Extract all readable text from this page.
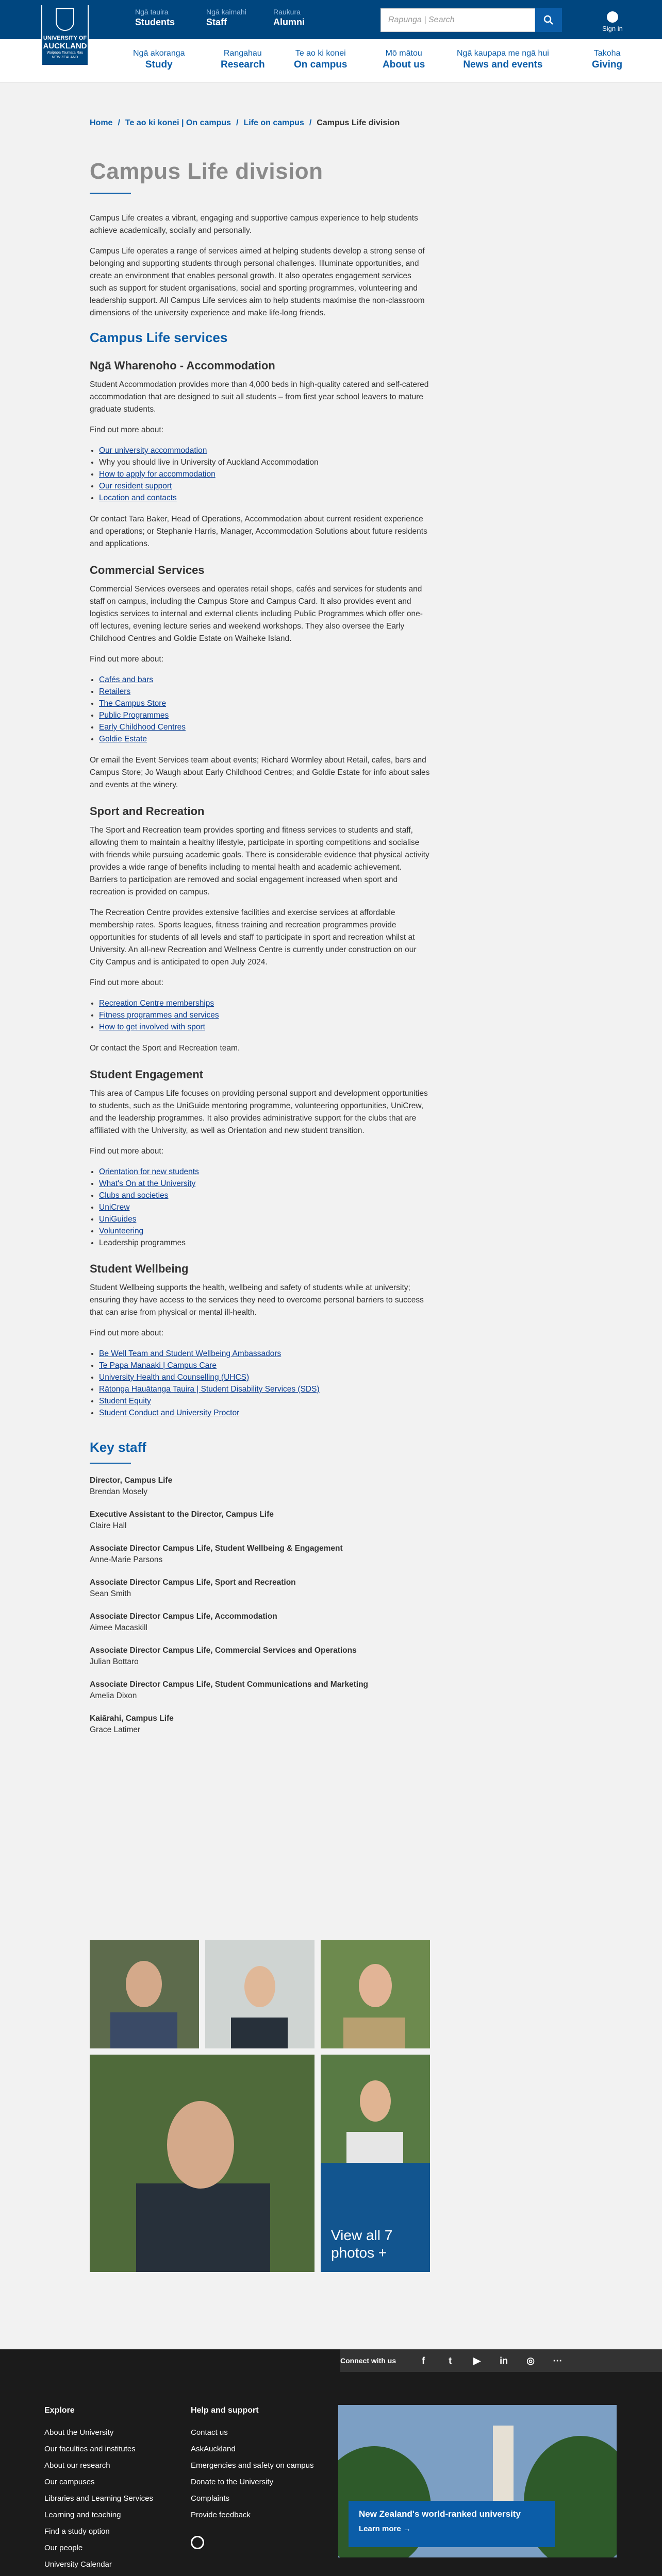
Ngā tauira
Students
Ngā kaimahi
Staff
Raukura
Alumni	Rapunga | Search
Sign in
UNIVERSITY OF
AUCKLAND
Waipapa Taumata Rau
NEW ZEALAND	Ngā akoranga
Study
Rangahau
Research
Te ao ki konei
On campus
Mō mātou
About us
Ngā kaupapa me ngā hui
News and events
Takoha
Giving
Home / Te ao ki konei | On campus / Life on campus / Campus Life division
Campus Life division

Campus Life creates a vibrant, engaging and supportive campus experience to help students achieve academically, socially and personally.

Campus Life operates a range of services aimed at helping students develop a strong sense of belonging and supporting students through personal challenges. Illuminate opportunities, and create an environment that enables personal growth. It also operates engagement services such as support for student organisations, social and sporting programmes, volunteering and leadership support. All Campus Life services aim to help students maximise the non-classroom dimensions of the university experience and make life-long friends.

Campus Life services
Ngā Wharenoho - Accommodation

Student Accommodation provides more than 4,000 beds in high-quality catered and self-catered accommodation that are designed to suit all students – from first year school leavers to mature graduate students.

Find out more about:

• Our university accommodation
• Why you should live in University of Auckland Accommodation
• How to apply for accommodation
• Our resident support
• Location and contacts

Or contact Tara Baker, Head of Operations, Accommodation about current resident experience and operations; or Stephanie Harris, Manager, Accommodation Solutions about future residents and applications.

Commercial Services

Commercial Services oversees and operates retail shops, cafés and services for students and staff on campus, including the Campus Store and Campus Card. It also provides event and logistics services to internal and external clients including Public Programmes which offer one-off lectures, evening lecture series and weekend workshops. They also oversee the Early Childhood Centres and Goldie Estate on Waiheke Island.

Find out more about:

• Cafés and bars
• Retailers
• The Campus Store
• Public Programmes
• Early Childhood Centres
• Goldie Estate

Or email the Event Services team about events; Richard Wormley about Retail, cafes, bars and Campus Store; Jo Waugh about Early Childhood Centres; and Goldie Estate for info about sales and events at the winery.

Sport and Recreation

The Sport and Recreation team provides sporting and fitness services to students and staff, allowing them to maintain a healthy lifestyle, participate in sporting competitions and socialise with friends while pursuing academic goals. There is considerable evidence that physical activity provides a wide range of benefits including to mental health and academic achievement. Barriers to participation are removed and social engagement increased when sport and recreation is provided on campus.

The Recreation Centre provides extensive facilities and exercise services at affordable membership rates. Sports leagues, fitness training and recreation programmes provide opportunities for students of all levels and staff to participate in sport and recreation whilst at University. An all-new Recreation and Wellness Centre is currently under construction on our City Campus and is anticipated to open July 2024.

Find out more about:

• Recreation Centre memberships
• Fitness programmes and services
• How to get involved with sport

Or contact the Sport and Recreation team.

Student Engagement

This area of Campus Life focuses on providing personal support and development opportunities to students, such as the UniGuide mentoring programme, volunteering opportunities, UniCrew, and the leadership programmes. It also provides administrative support for the clubs that are affiliated with the University, as well as Orientation and new student transition.

Find out more about:

• Orientation for new students
• What's On at the University
• Clubs and societies
• UniCrew
• UniGuides
• Volunteering
• Leadership programmes
Student Wellbeing

Student Wellbeing supports the health, wellbeing and safety of students while at university; ensuring they have access to the services they need to overcome personal barriers to success that can arise from physical or mental ill-health.

Find out more about:

• Be Well Team and Student Wellbeing Ambassadors
• Te Papa Manaaki | Campus Care
• University Health and Counselling (UHCS)
• Rātonga Hauātanga Tauira | Student Disability Services (SDS)
• Student Equity
• Student Conduct and University Proctor
Key staff
Director, Campus Life
Brendan Mosely
Executive Assistant to the Director, Campus Life
Claire Hall
Associate Director Campus Life, Student Wellbeing & Engagement
Anne-Marie Parsons
Associate Director Campus Life, Sport and Recreation
Sean Smith
Associate Director Campus Life, Accommodation
Aimee Macaskill
Associate Director Campus Life, Commercial Services and Operations
Julian Bottaro
Associate Director Campus Life, Student Communications and Marketing
Amelia Dixon
Kaiārahi, Campus Life
Grace Latimer
View all 7 photos +
Connect with us	f	t	▶	in ◎ ⋯
Explore
About the University
Our faculties and institutes
About our research
Our campuses
Libraries and Learning Services
Learning and teaching
Find a study option
Our people
University Calendar
Help and support
Contact us
AskAuckland
Emergencies and safety on campus
Donate to the University
Complaints
Provide feedback	New Zealand's world-ranked university
Learn more →
